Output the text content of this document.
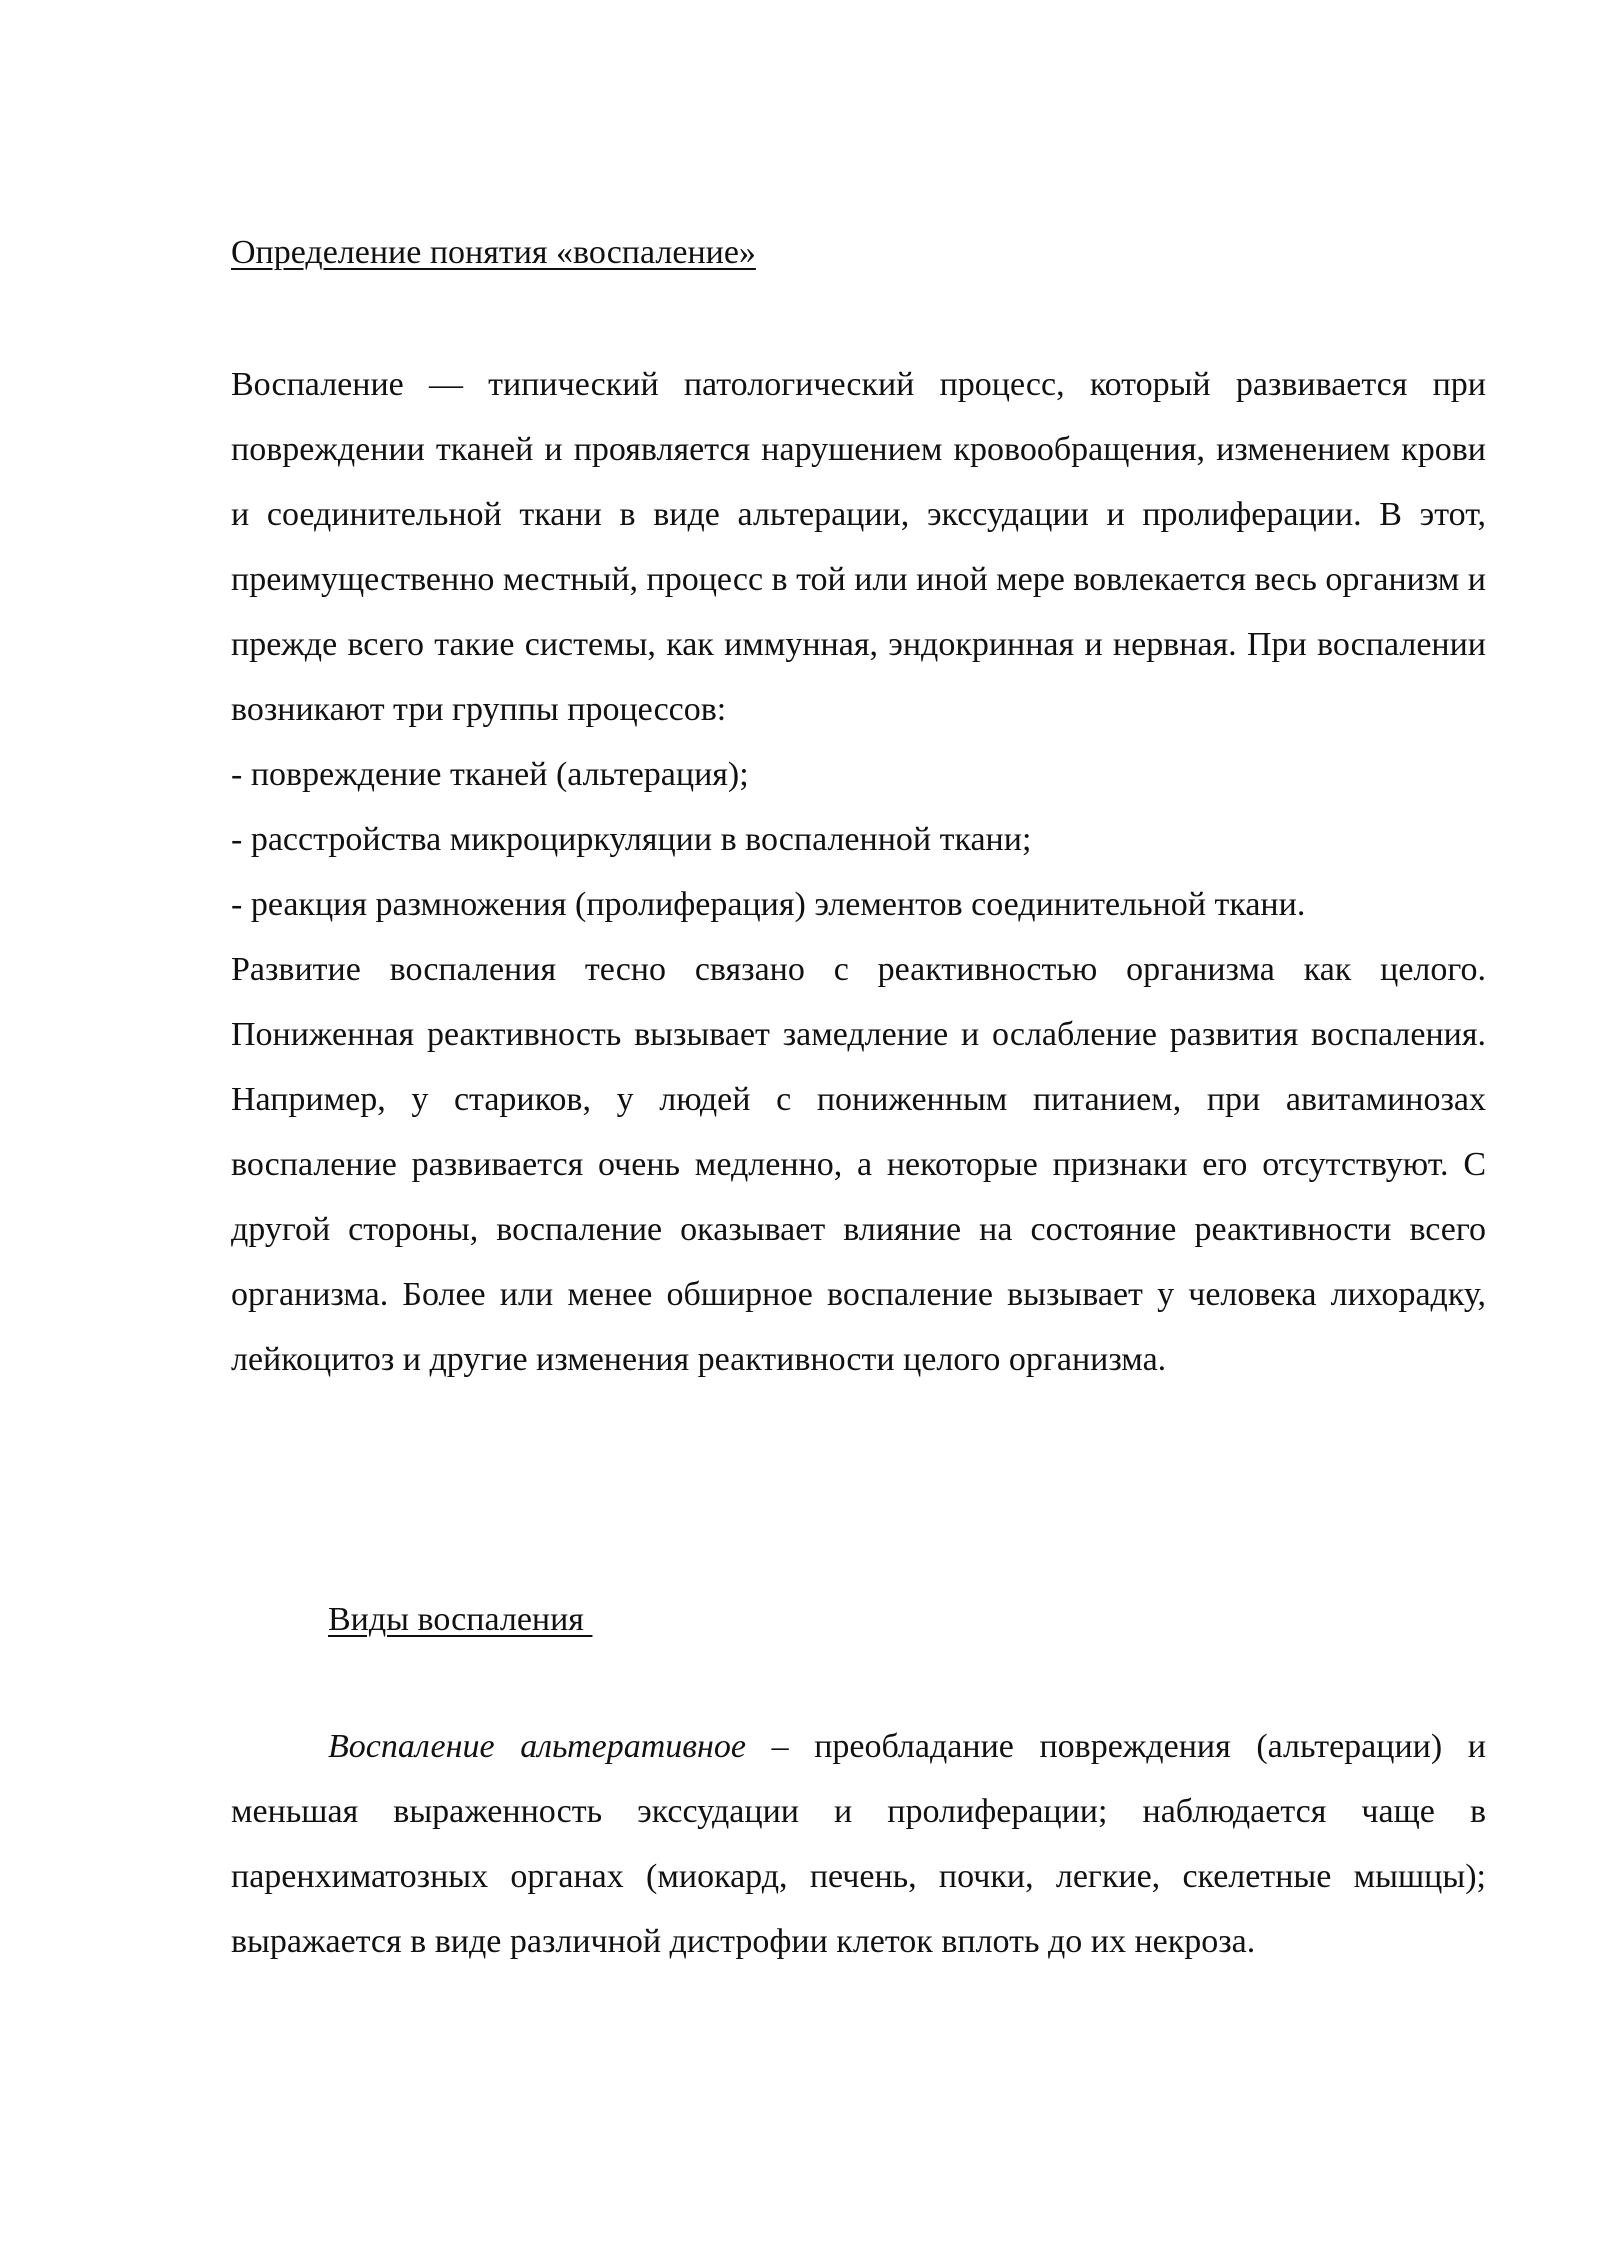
Определение понятия «воспаление»

Воспаление — типический патологический процесс, который развивается при повреждении тканей и проявляется нарушением кровообращения, изменением крови и соединительной ткани в виде альтерации, экссудации и пролиферации. В этот, преимущественно местный, процесс в той или иной мере вовлекается весь организм и прежде всего такие системы, как иммунная, эндокринная и нервная. При воспалении возникают три группы процессов:

- повреждение тканей (альтерация);

- расстройства микроциркуляции в воспаленной ткани;

- реакция размножения (пролиферация) элементов соединительной ткани.

Развитие воспаления тесно связано с реактивностью организма как целого. Пониженная реактивность вызывает замедление и ослабление развития воспаления. Например, у стариков, у людей с пониженным питанием, при авитаминозах воспаление развивается очень медленно, а некоторые признаки его отсутствуют. С другой стороны, воспаление оказывает влияние на состояние реактивности всего организма. Более или менее обширное воспаление вызывает у человека лихорадку, лейкоцитоз и другие изменения реактивности целого организма.

Виды воспаления

Воспаление альтеративное – преобладание повреждения (альтерации) и меньшая выраженность экссудации и пролиферации; наблюдается чаще в паренхиматозных органах (миокард, печень, почки, легкие, скелетные мышцы); выражается в виде различной дистрофии клеток вплоть до их некроза.
